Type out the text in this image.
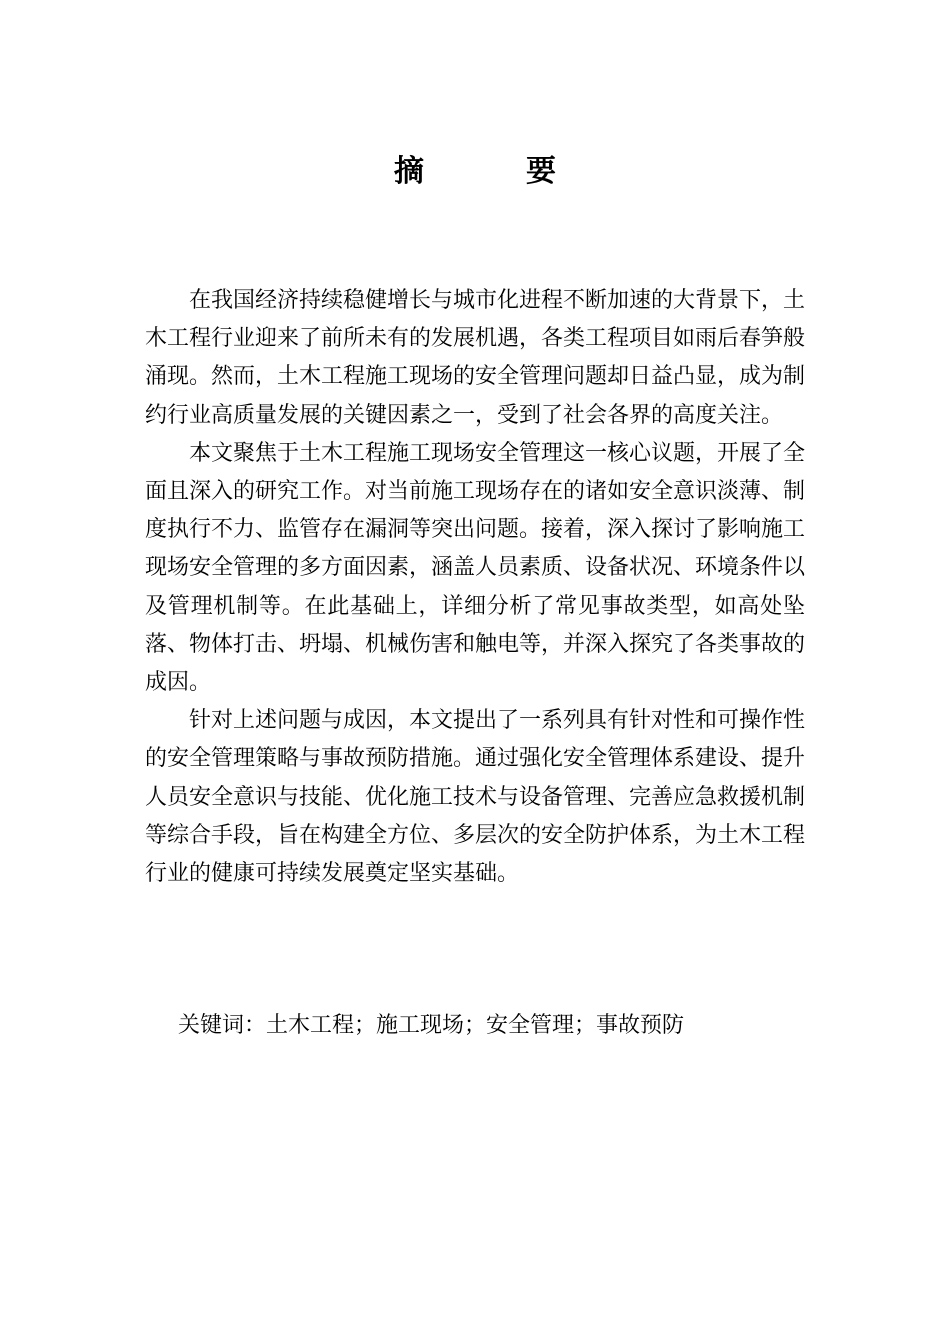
摘　要

在我国经济持续稳健增长与城市化进程不断加速的大背景下，土木工程行业迎来了前所未有的发展机遇，各类工程项目如雨后春笋般涌现。然而，土木工程施工现场的安全管理问题却日益凸显，成为制约行业高质量发展的关键因素之一，受到了社会各界的高度关注。

本文聚焦于土木工程施工现场安全管理这一核心议题，开展了全面且深入的研究工作。对当前施工现场存在的诸如安全意识淡薄、制度执行不力、监管存在漏洞等突出问题。接着，深入探讨了影响施工现场安全管理的多方面因素，涵盖人员素质、设备状况、环境条件以及管理机制等。在此基础上，详细分析了常见事故类型，如高处坠落、物体打击、坍塌、机械伤害和触电等，并深入探究了各类事故的成因。

针对上述问题与成因，本文提出了一系列具有针对性和可操作性的安全管理策略与事故预防措施。通过强化安全管理体系建设、提升人员安全意识与技能、优化施工技术与设备管理、完善应急救援机制等综合手段，旨在构建全方位、多层次的安全防护体系，为土木工程行业的健康可持续发展奠定坚实基础。

关键词：土木工程；施工现场；安全管理；事故预防
